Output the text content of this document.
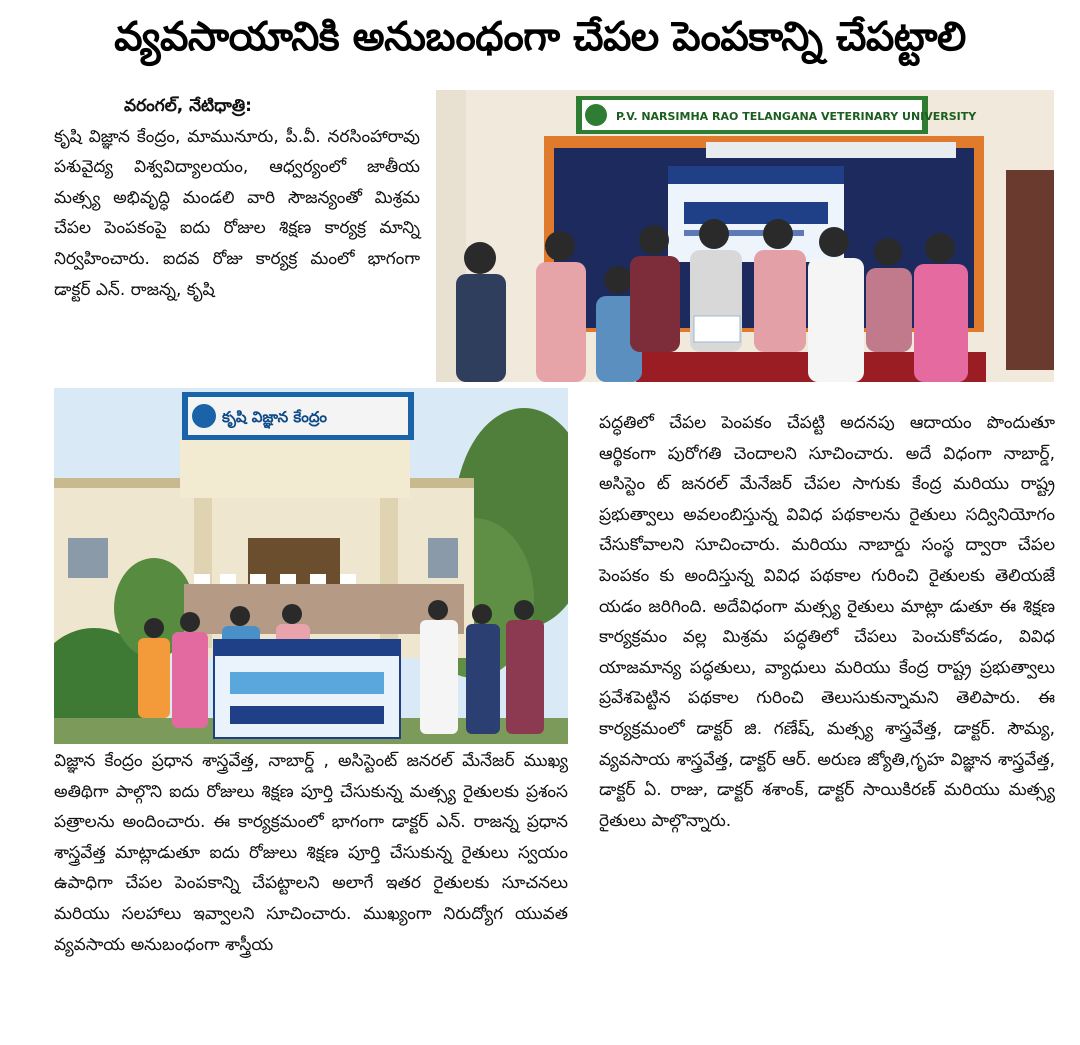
వ్యవసాయానికి అనుబంధంగా చేపల పెంపకాన్ని చేపట్టాలి

వరంగల్, నేటిధాత్రి:

కృషి విజ్ఞాన కేంద్రం, మామునూరు, పీ.వీ. నరసింహారావు పశువైద్య విశ్వవిద్యాలయం, ఆధ్వర్యంలో జాతీయ మత్స్య అభివృద్ధి మండలి వారి సౌజన్యంతో మిశ్రమ చేపల పెంపకంపై ఐదు రోజుల శిక్షణ కార్యక్ర మాన్ని నిర్వహించారు. ఐదవ రోజు కార్యక్ర మంలో భాగంగా డాక్టర్ ఎన్. రాజన్న, కృషి

P.V. NARSIMHA RAO TELANGANA VETERINARY UNIVERSITY
కృషి విజ్ఞాన కేంద్రం

విజ్ఞాన కేంద్రం ప్రధాన శాస్త్రవేత్త, నాబార్డ్ , అసిస్టెంట్ జనరల్ మేనేజర్ ముఖ్య అతిథిగా పాల్గొని ఐదు రోజులు శిక్షణ పూర్తి చేసుకున్న మత్స్య రైతులకు ప్రశంస పత్రాలను అందించారు. ఈ కార్యక్రమంలో భాగంగా డాక్టర్ ఎన్. రాజన్న ప్రధాన శాస్త్రవేత్త మాట్లాడుతూ ఐదు రోజులు శిక్షణ పూర్తి చేసుకున్న రైతులు స్వయం ఉపాధిగా చేపల పెంపకాన్ని చేపట్టాలని అలాగే ఇతర రైతులకు సూచనలు మరియు సలహాలు ఇవ్వాలని సూచించారు. ముఖ్యంగా నిరుద్యోగ యువత వ్యవసాయ అనుబంధంగా శాస్త్రీయ

పద్ధతిలో చేపల పెంపకం చేపట్టి అదనపు ఆదాయం పొందుతూ ఆర్థికంగా పురోగతి చెందాలని సూచించారు. అదే విధంగా నాబార్డ్, అసిస్టెం ట్ జనరల్ మేనేజర్ చేపల సాగుకు కేంద్ర మరియు రాష్ట్ర ప్రభుత్వాలు అవలంబిస్తున్న వివిధ పథకాలను రైతులు సద్వినియోగం చేసుకోవాలని సూచించారు. మరియు నాబార్డు సంస్థ ద్వారా చేపల పెంపకం కు అందిస్తున్న వివిధ పథకాల గురించి రైతులకు తెలియజే యడం జరిగింది. అదేవిధంగా మత్స్య రైతులు మాట్లా డుతూ ఈ శిక్షణ కార్యక్రమం వల్ల మిశ్రమ పద్ధతిలో చేపలు పెంచుకోవడం, వివిధ యాజమాన్య పద్ధతులు, వ్యాధులు మరియు కేంద్ర రాష్ట్ర ప్రభుత్వాలు ప్రవేశపెట్టిన పథకాల గురించి తెలుసుకున్నామని తెలిపారు. ఈ కార్యక్రమంలో డాక్టర్ జి. గణేష్, మత్స్య శాస్త్రవేత్త, డాక్టర్. సౌమ్య, వ్యవసాయ శాస్త్రవేత్త, డాక్టర్ ఆర్. అరుణ జ్యోతి,గృహ విజ్ఞాన శాస్త్రవేత్త, డాక్టర్ ఏ. రాజు, డాక్టర్ శశాంక్, డాక్టర్ సాయికిరణ్ మరియు మత్స్య రైతులు పాల్గొన్నారు.
